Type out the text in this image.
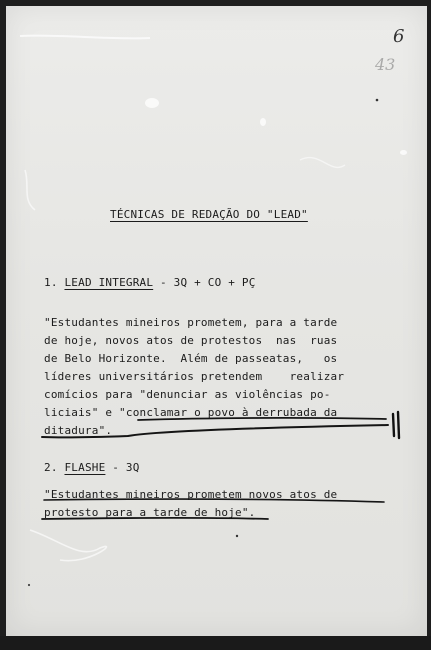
6
43
TÉCNICAS DE REDAÇÃO DO "LEAD"
1. LEAD INTEGRAL - 3Q + CO + PÇ
"Estudantes mineiros prometem, para a tarde
de hoje, novos atos de protestos  nas  ruas
de Belo Horizonte.  Além de passeatas,   os
líderes universitários pretendem    realizar
comícios para "denunciar as violências po-
liciais" e "conclamar o povo à derrubada da
ditadura".
2. FLASHE - 3Q
"Estudantes mineiros prometem novos atos de
protesto para a tarde de hoje".
